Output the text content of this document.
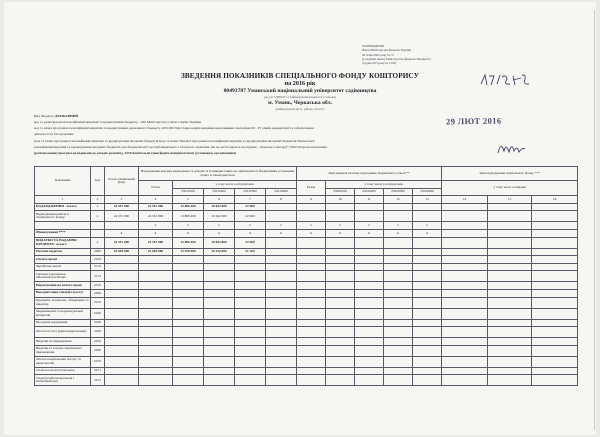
ЗАТВЕРДЖЕНО
Наказ Міністерства фінансів України
28 січня 2002 року № 57
(у редакції наказу Міністерства фінансів України 04
грудня 2015 року № 1118)
ЗВЕДЕННЯ ПОКАЗНИКІВ СПЕЦІАЛЬНОГО ФОНДУ КОШТОРИСУ
на 2016 рік
00493787 Уманський національний університет садівництва
(код за ЄДРПОУ та найменування бюджетної установи)
м. Умань, Черкаська обл.
(найменування міста, району, області)
29 ЛЮТ 2016
Вид бюджету ДЕРЖАВНИЙ
код та назва відомчої класифікації видатків та кредитування бюджету - 220 Міністерство освіти і науки України
код та назва програмної класифікації видатків та кредитування державного бюджету 2201160 Підготовка кадрів вищими навчальними закладами ІІІ - IV рівнів акредитації та забезпечення
діяльності їх баз практики
(код та назва програмної класифікації видатків та кредитування місцевих бюджетів (код та назва Типової програмної класифікації видатків та кредитування місцевих бюджетів/Тимчасової
класифікації видатків та кредитування місцевих бюджетів для бюджетів міст республіканського і обласного значення, які не застосовують програмно - цільового методу)* 2282 Охорона вилучених
(регіональних) програм не віднесені до заходів розвитку, 3210 Капітальні трансферти підприємствам (установам, організаціям)
Показники	Код	Разом спеціальний фонд	Надходження власних надходжень та доходів та їх використання, що здійснюються бюджетними установами згідно із законодавством					Інші джерела власних надходжень бюджетних установ **					Інші надходження спеціального фонду ***		
			Разом	у тому числі за підгрупами				Разом	у тому числі за підгрупами				у тому числі за видами		
				25010100	25010200	25010300	25010400		25020100	25020200	25020300	25020400			
1	2	3	4	5	6	7	8	9	10	11	12	13	14	15	16
НАДХОДЖЕННЯ - всього	х	24 551 000	24 551 000	13 886 400	10 642 600	22 000									
Надходження коштів із спеціального фонду	х	24 551 000	24 551 000	13 886 400	10 642 600	22 000									
			х	х	х	х	х	х	х	х	х	х			
Фінансування ****		х	х	х	х	х	х	х	х	х	х	х			
ВИДАТКИ ТА НАДАННЯ КРЕДИТІВ - всього	х	24 551 000	24 551 000	13 886 400	10 642 600	22 000									
Поточні видатки	2000	23 604 000	23 604 000	13 350 900	10 232 000	21 100									
Оплата праці	2100														
Заробітна плата	2110														
Грошове утримання військовослужбовців	2112														
Нарахування на оплату праці	2120														
Використання товарів і послуг	2200														
Предмети, матеріали, обладнання та інвентар	2210														
Медикаменти та перев'язувальні матеріали	2220														
Продукти харчування	2230														
Оплата послуг (крім комунальних)	2240														
Видатки на відрядження	2250														
Видатки та заходи спеціального призначення	2260														
Оплата комунальних послуг та енергоносіїв	2270														
Оплата теплопостачання	2271														
Оплата водопостачання і водовідведення	2272														
